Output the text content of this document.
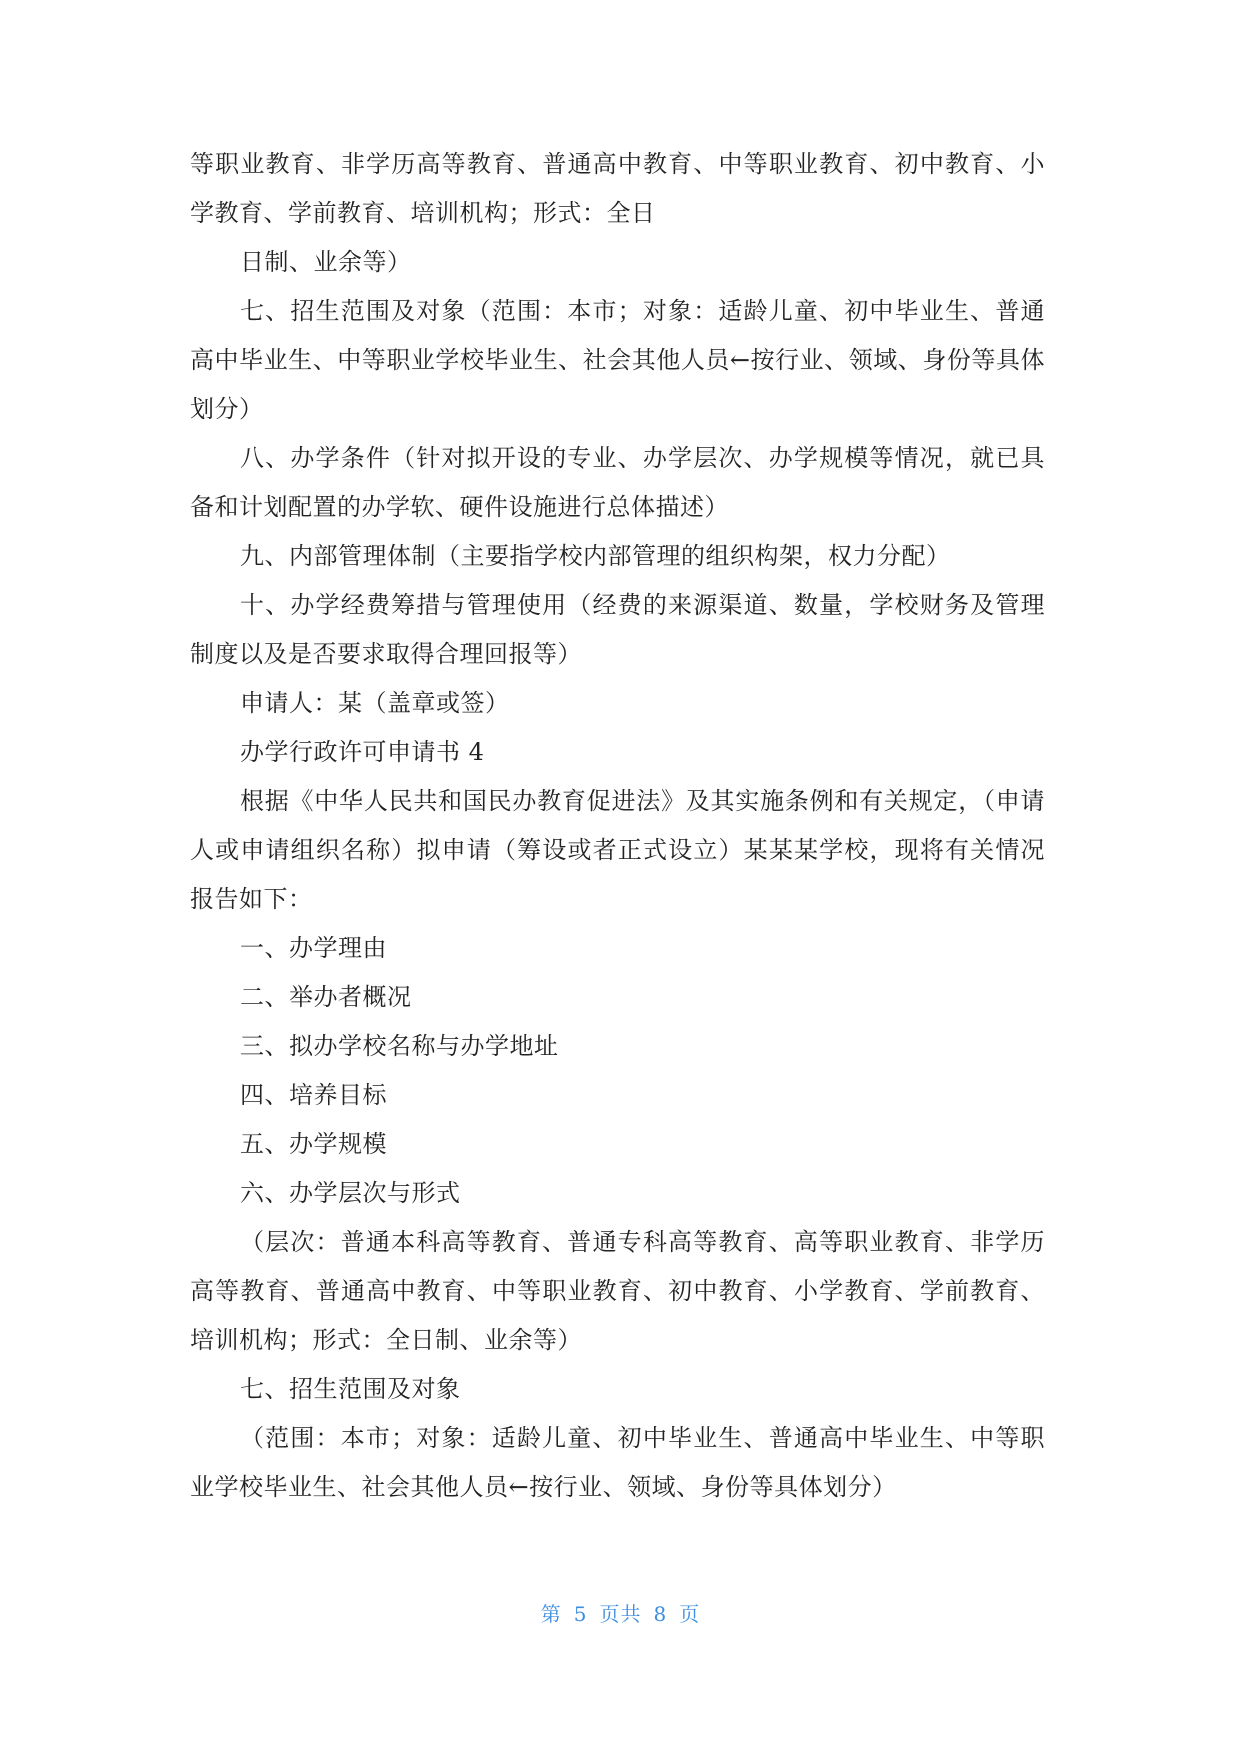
等职业教育、非学历高等教育、普通高中教育、中等职业教育、初中教育、小学教育、学前教育、培训机构；形式：全日

日制、业余等）

七、招生范围及对象（范围：本市；对象：适龄儿童、初中毕业生、普通高中毕业生、中等职业学校毕业生、社会其他人员←按行业、领域、身份等具体划分）

八、办学条件（针对拟开设的专业、办学层次、办学规模等情况，就已具备和计划配置的办学软、硬件设施进行总体描述）

九、内部管理体制（主要指学校内部管理的组织构架，权力分配）

十、办学经费筹措与管理使用（经费的来源渠道、数量，学校财务及管理制度以及是否要求取得合理回报等）

申请人：某（盖章或签）

办学行政许可申请书 4

根据《中华人民共和国民办教育促进法》及其实施条例和有关规定，（申请人或申请组织名称）拟申请（筹设或者正式设立）某某某学校，现将有关情况报告如下：

一、办学理由

二、举办者概况

三、拟办学校名称与办学地址

四、培养目标

五、办学规模

六、办学层次与形式

（层次：普通本科高等教育、普通专科高等教育、高等职业教育、非学历高等教育、普通高中教育、中等职业教育、初中教育、小学教育、学前教育、培训机构；形式：全日制、业余等）

七、招生范围及对象

（范围：本市；对象：适龄儿童、初中毕业生、普通高中毕业生、中等职业学校毕业生、社会其他人员←按行业、领域、身份等具体划分）

第 5 页共 8 页
